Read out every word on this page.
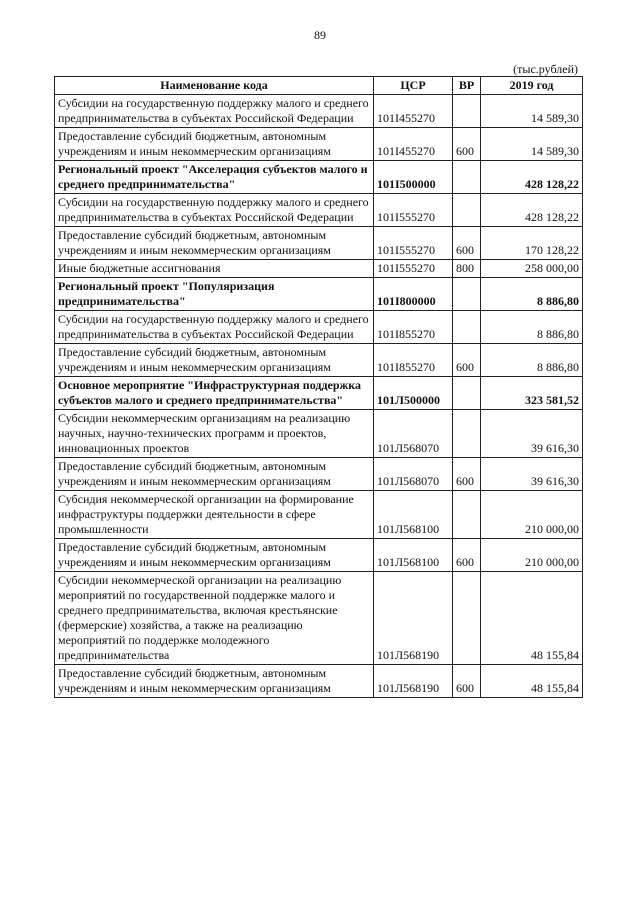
89
(тыс.рублей)
Наименование кода	ЦСР	ВР	2019 год
Субсидии на государственную поддержку малого и среднего предпринимательства в субъектах Российской Федерации	101I455270		14 589,30
Предоставление субсидий бюджетным, автономным учреждениям и иным некоммерческим организациям	101I455270	600	14 589,30
Региональный проект "Акселерация субъектов малого и среднего предпринимательства"	101I500000		428 128,22
Субсидии на государственную поддержку малого и среднего предпринимательства в субъектах Российской Федерации	101I555270		428 128,22
Предоставление субсидий бюджетным, автономным учреждениям и иным некоммерческим организациям	101I555270	600	170 128,22
Иные бюджетные ассигнования	101I555270	800	258 000,00
Региональный проект "Популяризация предпринимательства"	101I800000		8 886,80
Субсидии на государственную поддержку малого и среднего предпринимательства в субъектах Российской Федерации	101I855270		8 886,80
Предоставление субсидий бюджетным, автономным учреждениям и иным некоммерческим организациям	101I855270	600	8 886,80
Основное мероприятие "Инфраструктурная поддержка субъектов малого и среднего предпринимательства"	101Л500000		323 581,52
Субсидии некоммерческим организациям на реализацию научных, научно-технических программ и проектов, инновационных проектов	101Л568070		39 616,30
Предоставление субсидий бюджетным, автономным учреждениям и иным некоммерческим организациям	101Л568070	600	39 616,30
Субсидия некоммерческой организации на формирование инфраструктуры поддержки деятельности в сфере промышленности	101Л568100		210 000,00
Предоставление субсидий бюджетным, автономным учреждениям и иным некоммерческим организациям	101Л568100	600	210 000,00
Субсидии некоммерческой организации на реализацию мероприятий по государственной поддержке малого и среднего предпринимательства, включая крестьянские (фермерские) хозяйства, а также на реализацию мероприятий по поддержке молодежного предпринимательства	101Л568190		48 155,84
Предоставление субсидий бюджетным, автономным учреждениям и иным некоммерческим организациям	101Л568190	600	48 155,84
